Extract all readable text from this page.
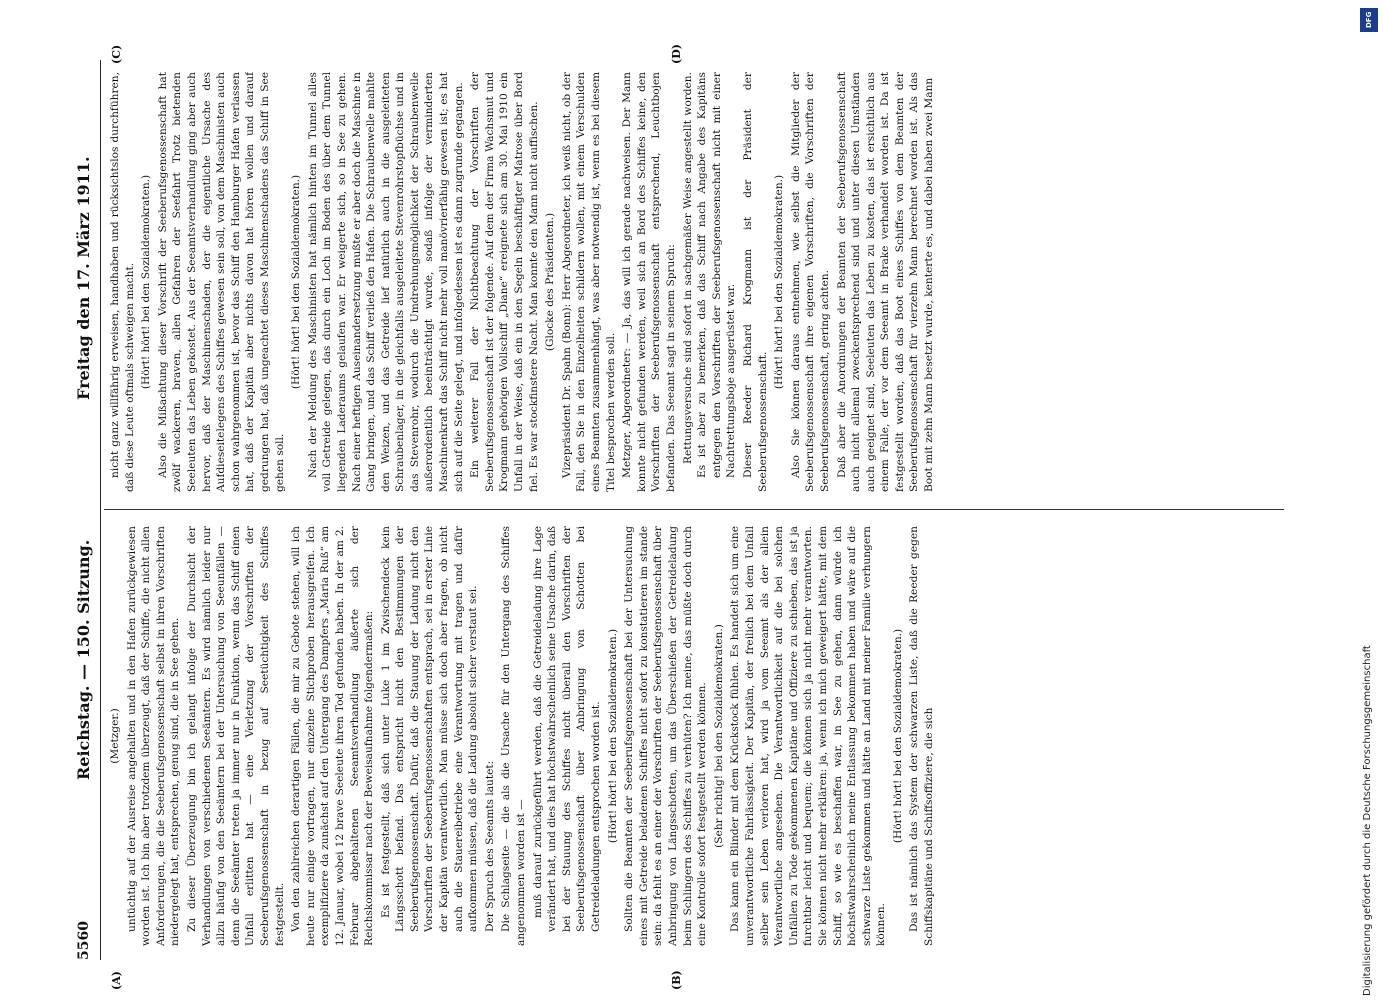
5560
Reichstag. — 150. Sitzung.
Freitag den 17. März 1911.

(Metzger.) untüchtig auf der Ausreise angehalten und in den Hafen zurückgewiesen worden ist. Ich bin aber trotzdem überzeugt, daß der Schiffe, die nicht allen Anforderungen, die die Seeberufsgenossenschaft selbst in ihren Vorschriften niedergelegt hat, entsprechen, genug sind, die in See gehen. Zu dieser Überzeugung bin ich gelangt infolge der Durchsicht der Verhandlungen von verschiedenen Seeämtern. Es wird nämlich leider nur allzu häufig von den Seeämtern bei der Untersuchung von Seeunfällen — denn die Seeämter treten ja immer nur in Funktion, wenn das Schiff einen Unfall erlitten hat — eine Verletzung der Vorschriften der Seeberufsgenossenschaft in bezug auf Seetüchtigkeit des Schiffes festgestellt. Von den zahlreichen derartigen Fällen, die mir zu Gebote stehen, will ich heute nur einige vortragen, nur einzelne Stichproben herausgreifen. Ich exemplifiziere da zunächst auf den Untergang des Dampfers „Maria Ruß“ am 12. Januar, wobei 12 brave Seeleute ihren Tod gefunden haben. In der am 2. Februar abgehaltenen Seeamtsverhandlung äußerte sich der Reichskommissar nach der Beweisaufnahme folgendermaßen: Es ist festgestellt, daß sich unter Luke 1 im Zwischendeck kein Längsschott befand. Das entspricht nicht den Bestimmungen der Seeberufsgenossenschaft. Dafür, daß die Stauung der Ladung nicht den Vorschriften der Seeberufsgenossenschaften entsprach, sei in erster Linie der Kapitän verantwortlich. Man müsse sich doch aber fragen, ob nicht auch die Stauereibetriebe eine Verantwortung mit tragen und dafür aufkommen müssen, daß die Ladung absolut sicher verstaut sei. Der Spruch des Seeamts lautet: Die Schlagseite — die als die Ursache für den Untergang des Schiffes angenommen worden ist — muß darauf zurückgeführt werden, daß die Getreideladung ihre Lage verändert hat, und dies hat höchstwahrscheinlich seine Ursache darin, daß bei der Stauung des Schiffes nicht überall den Vorschriften der Seeberufsgenossenschaft über Anbringung von Schotten bei Getreideladungen entsprochen worden ist. (Hört! hört! bei den Sozialdemokraten.) Sollten die Beamten der Seeberufsgenossenschaft bei der Untersuchung eines mit Getreide beladenen Schiffes nicht sofort zu konstatieren im stande sein: da fehlt es an einer der Vorschriften der Seeberufsgenossenschaft über Anbringung von Längsschotten, um das Überschießen der Getreideladung beim Schlingern des Schiffes zu verhüten? Ich meine, das müßte doch durch eine Kontrolle sofort festgestellt werden können. (Sehr richtig! bei den Sozialdemokraten.) Das kann ein Blinder mit dem Krückstock fühlen. Es handelt sich um eine unverantwortliche Fahrlässigkeit. Der Kapitän, der freilich bei dem Unfall selber sein Leben verloren hat, wird ja vom Seeamt als der allein Verantwortliche angesehen. Die Verantwortlichkeit auf die bei solchen Unfällen zu Tode gekommenen Kapitäne und Offiziere zu schieben, das ist ja furchtbar leicht und bequem; die können sich ja nicht mehr verantworten. Sie können nicht mehr erklären: ja, wenn ich mich geweigert hätte, mit dem Schiff, so wie es beschaffen war, in See zu gehen, dann würde ich höchstwahrscheinlich meine Entlassung bekommen haben und wäre auf die schwarze Liste gekommen und hätte an Land mit meiner Familie verhungern können.

(Hört! hört! bei den Sozialdemokraten.) Das ist nämlich das System der schwarzen Liste, daß die Reeder gegen Schiffskapitäne und Schiffsoffiziere, die sich

nicht ganz willfährig erweisen, handhaben und rücksichtslos durchführen, daß diese Leute oftmals schweigen macht. (Hört! hört! bei den Sozialdemokraten.) Also die Mißachtung dieser Vorschrift der Seeberufsgenossenschaft hat zwölf wackeren, braven, allen Gefahren der Seefahrt Trotz bietenden Seeleuten das Leben gekostet. Aus der Seeamtsverhandlung ging aber auch hervor, daß der Maschinenschaden, der die eigentliche Ursache des Aufdieseitelegens des Schiffes gewesen sein soll, von dem Maschinisten auch schon wahrgenommen ist, bevor das Schiff den Hamburger Hafen verlassen hat, daß der Kapitän aber nichts davon hat hören wollen und darauf gedrungen hat, daß ungeachtet dieses Maschinenschadens das Schiff in See gehen soll.

(Hört! hört! bei den Sozialdemokraten.) Nach der Meldung des Maschinisten hat nämlich hinten im Tunnel alles voll Getreide gelegen, das durch ein Loch im Boden des über dem Tunnel liegenden Laderaums gelaufen war. Er weigerte sich, so in See zu gehen. Nach einer heftigen Auseinandersetzung mußte er aber doch die Maschine in Gang bringen, und das Schiff verließ den Hafen. Die Schraubenwelle mahlte den Weizen, und das Getreide lief natürlich auch in die ausgeleiteten Schraubenlager, in die gleichfalls ausgeleitete Stevenrohrstopfbüchse und in das Stevenrohr, wodurch die Umdrehungsmöglichkeit der Schraubenwelle außerordentlich beeinträchtigt wurde, sodaß infolge der verminderten Maschinenkraft das Schiff nicht mehr voll manövrierfähig gewesen ist; es hat sich auf die Seite gelegt, und infolgedessen ist es dann zugrunde gegangen. Ein weiterer Fall der Nichtbeachtung der Vorschriften der Seeberufsgenossenschaft ist der folgende. Auf dem der Firma Wachsmut und Krogmann gehörigen Vollschiff „Diane“ ereignete sich am 30. Mai 1910 ein Unfall in der Weise, daß ein in den Segeln beschäftigter Matrose über Bord fiel. Es war stockfinstere Nacht. Man konnte den Mann nicht auffischen. (Glocke des Präsidenten.) Vizepräsident Dr. Spahn (Bonn): Herr Abgeordneter, ich weiß nicht, ob der Fall, den Sie in den Einzelheiten schildern wollen, mit einem Verschulden eines Beamten zusammenhängt, was aber notwendig ist, wenn es bei diesem Titel besprochen werden soll. Metzger, Abgeordneter: — Ja, das will ich gerade nachweisen. Der Mann konnte nicht gefunden werden, weil sich an Bord des Schiffes keine, den Vorschriften der Seeberufsgenossenschaft entsprechend, Leuchtbojen befanden. Das Seeamt sagt in seinem Spruch: Rettungsversuche sind sofort in sachgemäßer Weise angestellt worden. Es ist aber zu bemerken, daß das Schiff nach Angabe des Kapitäns entgegen den Vorschriften der Seeberufsgenossenschaft nicht mit einer Nachtrettungsboje ausgerüstet war. Dieser Reeder Richard Krogmann ist der Präsident der Seeberufsgenossenschaft.

(Hört! hört! bei den Sozialdemokraten.) Also Sie können daraus entnehmen, wie selbst die Mitglieder der Seeberufsgenossenschaft ihre eigenen Vorschriften, die Vorschriften der Seeberufsgenossenschaft, gering achten. Daß aber die Anordnungen der Beamten der Seeberufsgenossenschaft auch nicht allemal zweckentsprechend sind und unter diesen Umständen auch geeignet sind, Seeleuten das Leben zu kosten, das ist ersichtlich aus einem Falle, der vor dem Seeamt in Brake verhandelt worden ist. Da ist festgestellt worden, daß das Boot eines Schiffes von dem Beamten der Seeberufsgenossenschaft für vierzehn Mann berechnet worden ist. Als das Boot mit zehn Mann besetzt wurde, kenterte es, und dabei haben zwei Mann

(A)	(B)
(C)	(D)
DFG
Digitalisierung gefördert durch die Deutsche Forschungsgemeinschaft
